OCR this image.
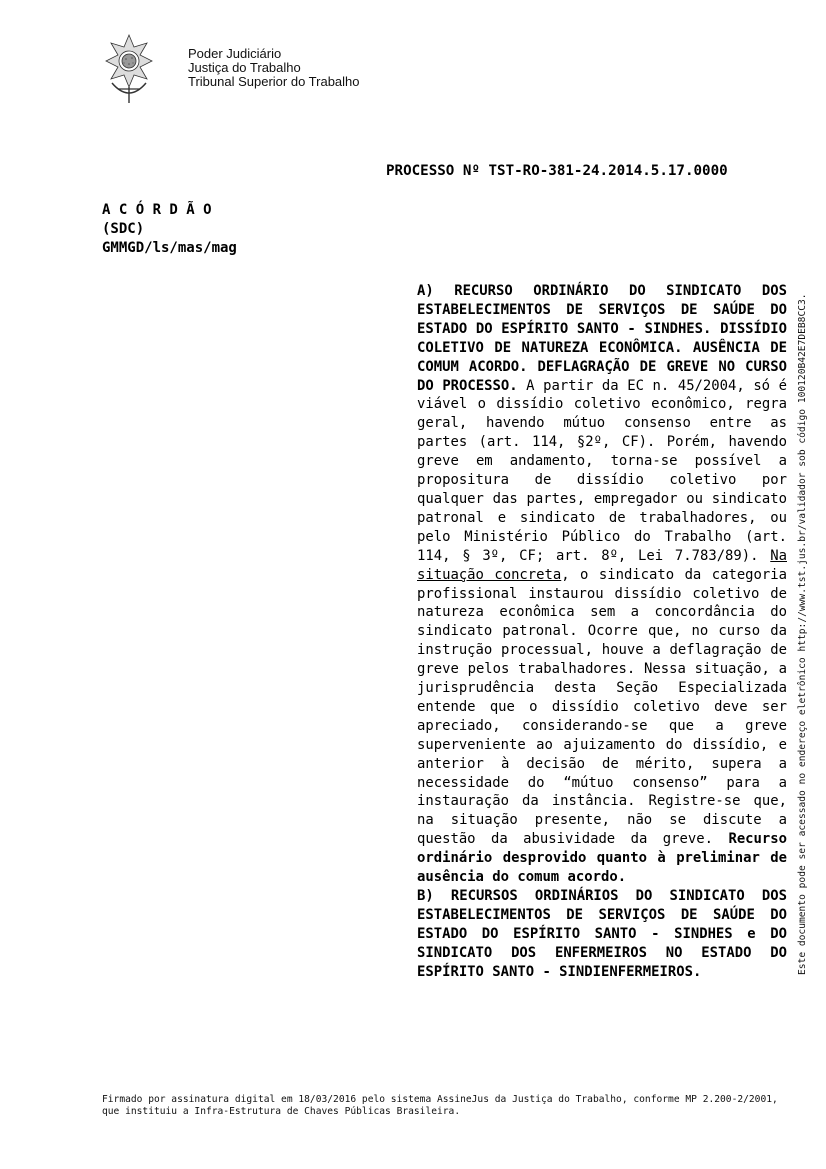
Poder Judiciário
Justiça do Trabalho
Tribunal Superior do Trabalho
PROCESSO Nº TST-RO-381-24.2014.5.17.0000
A C Ó R D Ã O
(SDC)
GMMGD/ls/mas/mag

A) RECURSO ORDINÁRIO DO SINDICATO DOS ESTABELECIMENTOS DE SERVIÇOS DE SAÚDE DO ESTADO DO ESPÍRITO SANTO - SINDHES. DISSÍDIO COLETIVO DE NATUREZA ECONÔMICA. AUSÊNCIA DE COMUM ACORDO. DEFLAGRAÇÃO DE GREVE NO CURSO DO PROCESSO. A partir da EC n. 45/2004, só é viável o dissídio coletivo econômico, regra geral, havendo mútuo consenso entre as partes (art. 114, §2º, CF). Porém, havendo greve em andamento, torna-se possível a propositura de dissídio coletivo por qualquer das partes, empregador ou sindicato patronal e sindicato de trabalhadores, ou pelo Ministério Público do Trabalho (art. 114, § 3º, CF; art. 8º, Lei 7.783/89). Na situação concreta, o sindicato da categoria profissional instaurou dissídio coletivo de natureza econômica sem a concordância do sindicato patronal. Ocorre que, no curso da instrução processual, houve a deflagração de greve pelos trabalhadores. Nessa situação, a jurisprudência desta Seção Especializada entende que o dissídio coletivo deve ser apreciado, considerando-se que a greve superveniente ao ajuizamento do dissídio, e anterior à decisão de mérito, supera a necessidade do “mútuo consenso” para a instauração da instância. Registre-se que, na situação presente, não se discute a questão da abusividade da greve. Recurso ordinário desprovido quanto à preliminar de ausência do comum acordo.

B) RECURSOS ORDINÁRIOS DO SINDICATO DOS ESTABELECIMENTOS DE SERVIÇOS DE SAÚDE DO ESTADO DO ESPÍRITO SANTO - SINDHES e DO SINDICATO DOS ENFERMEIROS NO ESTADO DO ESPÍRITO SANTO - SINDIENFERMEIROS.	Este documento pode ser acessado no endereço eletrônico http://www.tst.jus.br/validador sob código 100120B42E7DEB8CC3.
Firmado por assinatura digital em 18/03/2016 pelo sistema AssineJus da Justiça do Trabalho, conforme MP 2.200-2/2001, que instituiu a Infra-Estrutura de Chaves Públicas Brasileira.
